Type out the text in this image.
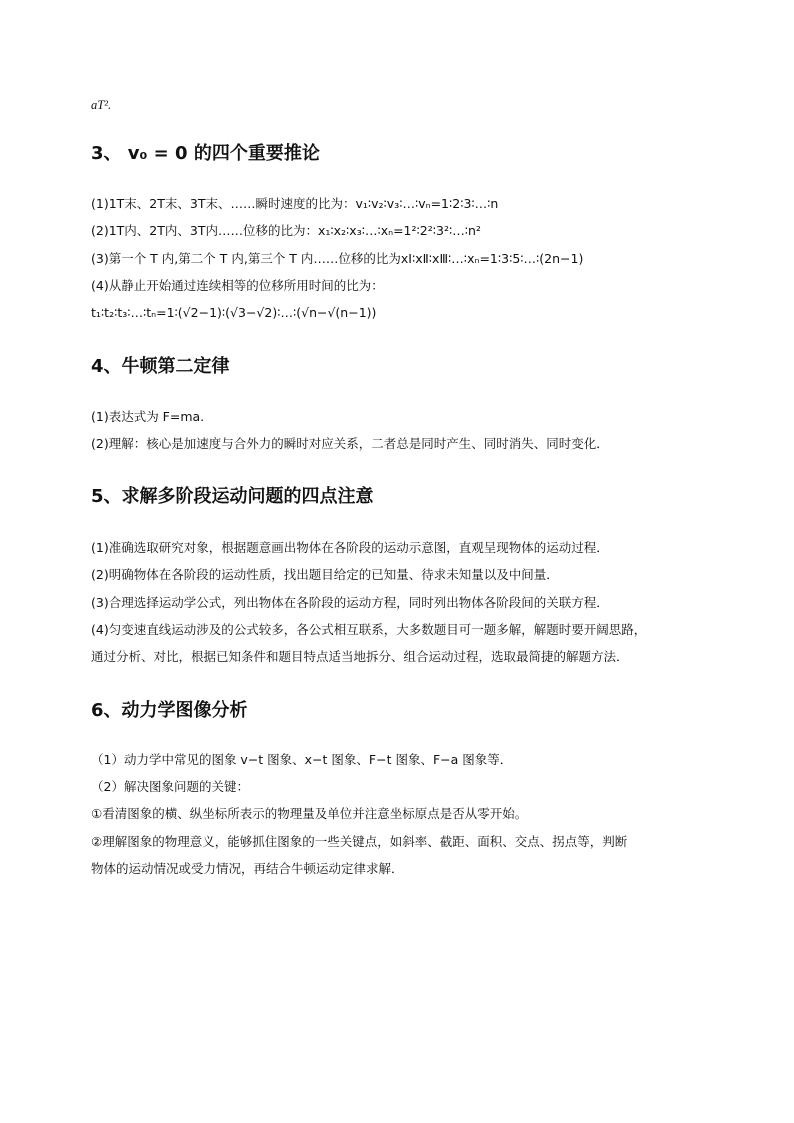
aT².
3、 v₀ = 0 的四个重要推论
(1)1T末、2T末、3T末、……瞬时速度的比为：v₁∶v₂∶v₃∶…∶vₙ=1∶2∶3∶…∶n
(2)1T内、2T内、3T内……位移的比为：x₁∶x₂∶x₃∶…∶xₙ=1²∶2²∶3²∶…∶n²
(3)第一个 T 内,第二个 T 内,第三个 T 内……位移的比为xⅠ∶xⅡ∶xⅢ∶…∶xₙ=1∶3∶5∶…∶(2n−1)
(4)从静止开始通过连续相等的位移所用时间的比为：
t₁∶t₂∶t₃∶…∶tₙ=1∶(√2−1)∶(√3−√2)∶…∶(√n−√(n−1))
4、牛顿第二定律
(1)表达式为 F=ma.
(2)理解：核心是加速度与合外力的瞬时对应关系，二者总是同时产生、同时消失、同时变化．
5、求解多阶段运动问题的四点注意
(1)准确选取研究对象，根据题意画出物体在各阶段的运动示意图，直观呈现物体的运动过程．
(2)明确物体在各阶段的运动性质，找出题目给定的已知量、待求未知量以及中间量．
(3)合理选择运动学公式，列出物体在各阶段的运动方程，同时列出物体各阶段间的关联方程．
(4)匀变速直线运动涉及的公式较多，各公式相互联系，大多数题目可一题多解，解题时要开阔思路，
通过分析、对比，根据已知条件和题目特点适当地拆分、组合运动过程，选取最简捷的解题方法．
6、动力学图像分析
（1）动力学中常见的图象 v−t 图象、x−t 图象、F−t 图象、F−a 图象等．
（2）解决图象问题的关键：
①看清图象的横、纵坐标所表示的物理量及单位并注意坐标原点是否从零开始。
②理解图象的物理意义，能够抓住图象的一些关键点，如斜率、截距、面积、交点、拐点等，判断
物体的运动情况或受力情况，再结合牛顿运动定律求解．
